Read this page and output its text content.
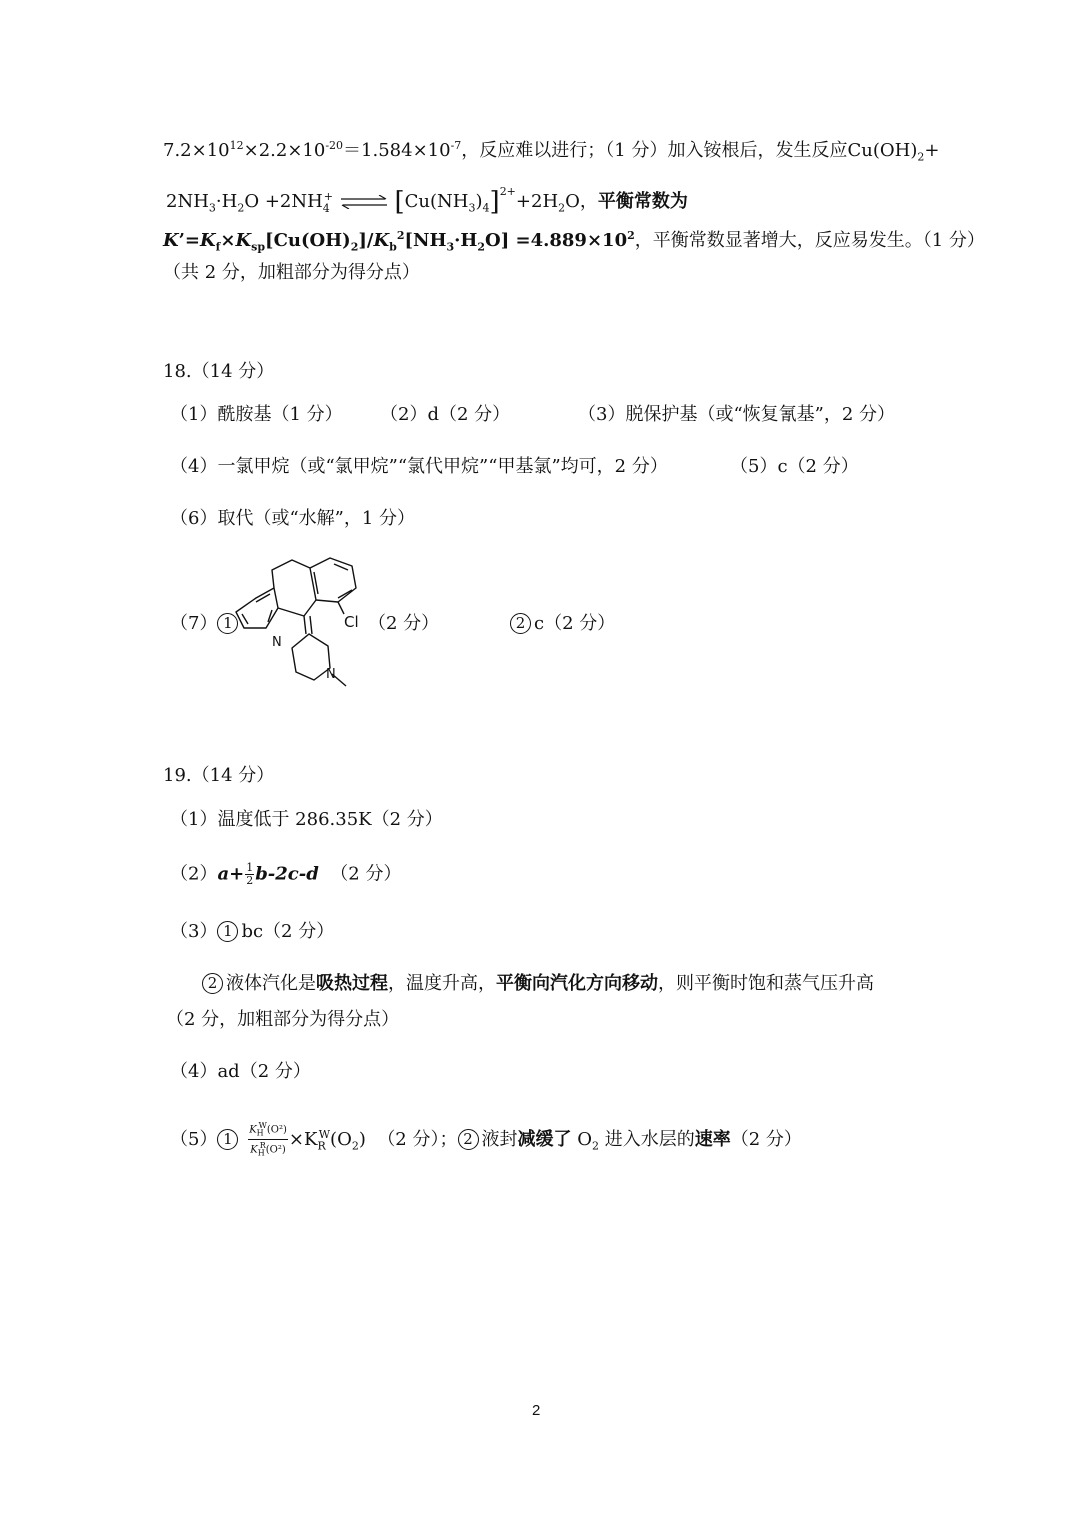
$7.2\times 10^{12}\times 2.2\times 10^{-20}=1.584\times 10^{-7}$，反应难以进行；（1 分）加入铵根后，发生反应$Cu(OH)_2+$
$2NH_3\cdot H_2O +2NH_4^+$ ⇌ $[Cu(NH_3)_4]^{2+}+2H_2O$，平衡常数为
$K’=K_f\times K_{sp}[Cu(OH)_2]/K_b^2[NH_3\cdot H_2O] =4.889\times 10^2$，平衡常数显著增大，反应易发生。（1 分）
（共 2 分，加粗部分为得分点）
18.（14 分）
（1）酰胺基（1 分） （2）d（2 分）	（3）脱保护基（或“恢复氰基”，2 分）
（4）一氯甲烷（或“氯甲烷”“氯代甲烷”“甲基氯”均可，2 分）	（5）c（2 分）
（6）取代（或“水解”，1 分）
（7） 1	Cl
N
N
（2 分）	2 c（2 分）
19.（14 分）
（1）温度低于 286.35K（2 分）
$(2)a+ \frac{1}{2} b-2c-d$ （2 分）
（3） 1 bc（2 分）
2 液体汽化是吸热过程，温度升高，平衡向汽化方向移动，则平衡时饱和蒸气压升高
（2 分，加粗部分为得分点）
（4）ad（2 分）
（5） $1 \frac{K_H^W(O^2)}{K_H^R(O^2)} \times K_R^W(O_2)$ （2 分）； 2 液封减缓了 $O_2$ 进入水层的速率（2 分）
2
